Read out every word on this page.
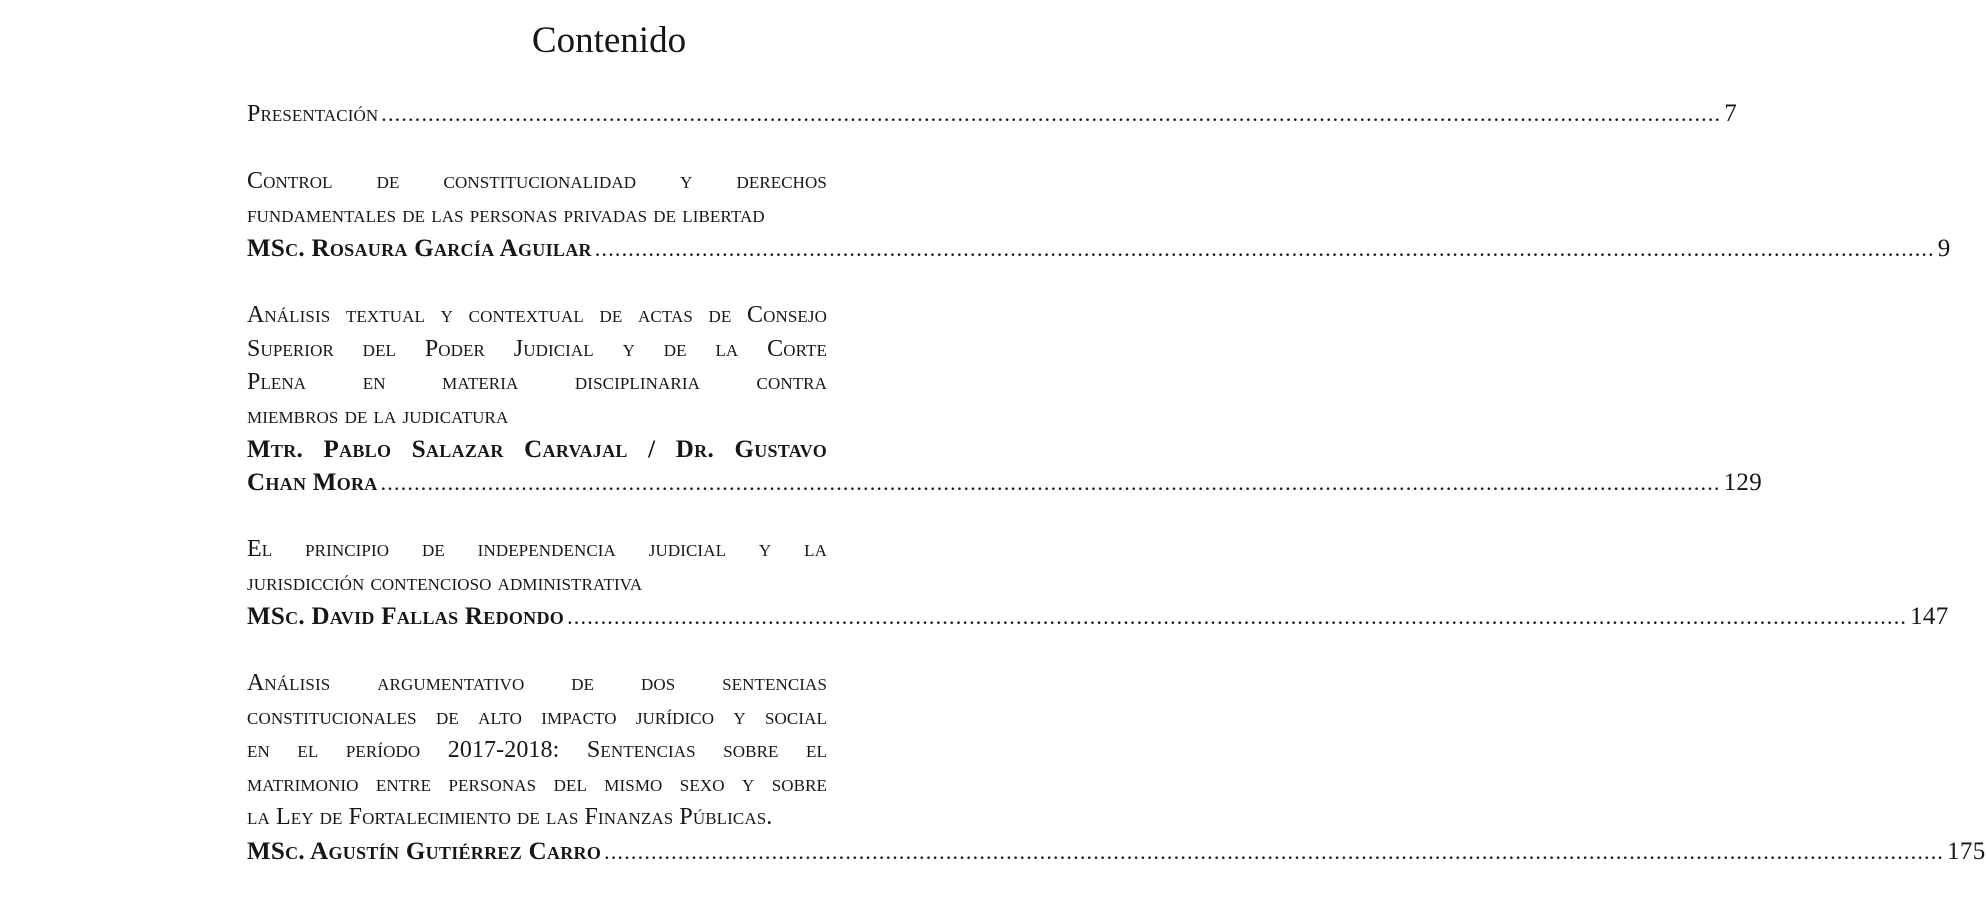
Contenido
Presentación ........................................................................................................................................................................................................ 7
Control de constitucionalidad y derechos
fundamentales de las personas privadas de libertad
MSc. Rosaura García Aguilar ........................................................................................................................................................................................................ 9
Análisis textual y contextual de actas de Consejo
Superior del Poder Judicial y de la Corte
Plena en materia disciplinaria contra
miembros de la judicatura
Mtr. Pablo Salazar Carvajal / Dr. Gustavo
Chan Mora ........................................................................................................................................................................................................ 129
El principio de independencia judicial y la
jurisdicción contencioso administrativa
MSc. David Fallas Redondo ........................................................................................................................................................................................................ 147
Análisis argumentativo de dos sentencias
constitucionales de alto impacto jurídico y social
en el período 2017-2018: Sentencias sobre el
matrimonio entre personas del mismo sexo y sobre
la Ley de Fortalecimiento de las Finanzas Públicas.
MSc. Agustín Gutiérrez Carro ........................................................................................................................................................................................................ 175
